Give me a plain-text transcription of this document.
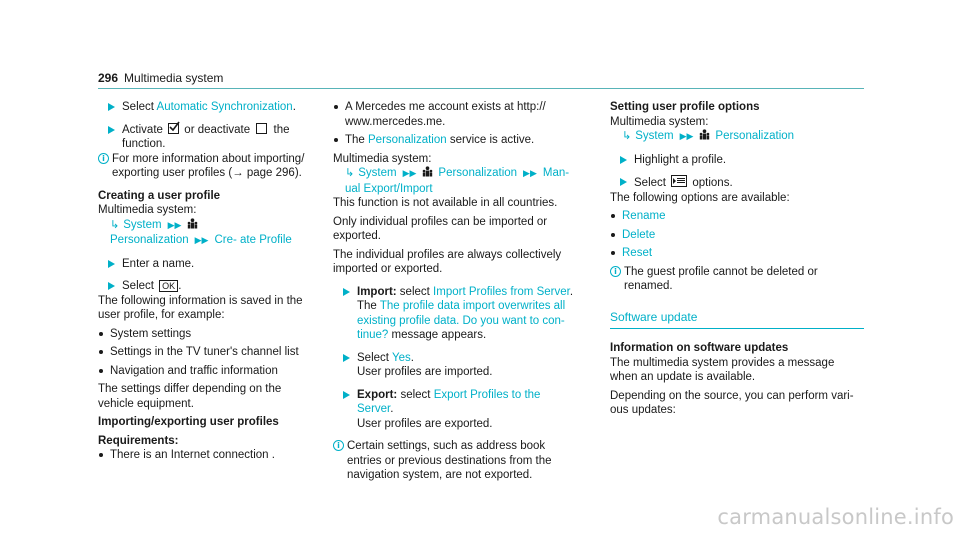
296 Multimedia system
Select Automatic Synchronization.
Activate
or deactivate  the function.
i For more information about importing/ exporting user profiles (→ page 296).
Creating a user profile
Multimedia system:
↳ System ▶▶Personalization ▶▶ Cre- ate Profile
Enter a name.
Select OK .
The following information is saved in the user profile, for example:
System settings
Settings in the TV tuner's channel list
Navigation and traffic information
The settings differ depending on the vehicle equipment.
Importing/exporting user profiles
Requirements:
There is an Internet connection .
A Mercedes me account exists at http:// www.mercedes.me.
The Personalization service is active.
Multimedia system:
↳ System ▶▶ Personalization ▶▶ Man- ual Export/Import
This function is not available in all countries.
Only individual profiles can be imported or exported.
The individual profiles are always collectively imported or exported.
Import: select Import Profiles from Server.
The The profile data import overwrites all existing profile data. Do you want to con- tinue? message appears.
Select Yes.
User profiles are imported.
Export: select Export Profiles to the Server.
User profiles are exported.
i Certain settings, such as address book entries or previous destinations from the navigation system, are not exported.
Setting user profile options
Multimedia system:
↳ System ▶▶ Personalization
Highlight a profile.
Select
options.
The following options are available:
Rename
Delete
Reset
i The guest profile cannot be deleted or renamed.
Software update
Information on software updates
The multimedia system provides a message when an update is available.
Depending on the source, you can perform vari- ous updates:
carmanualsonline.info
